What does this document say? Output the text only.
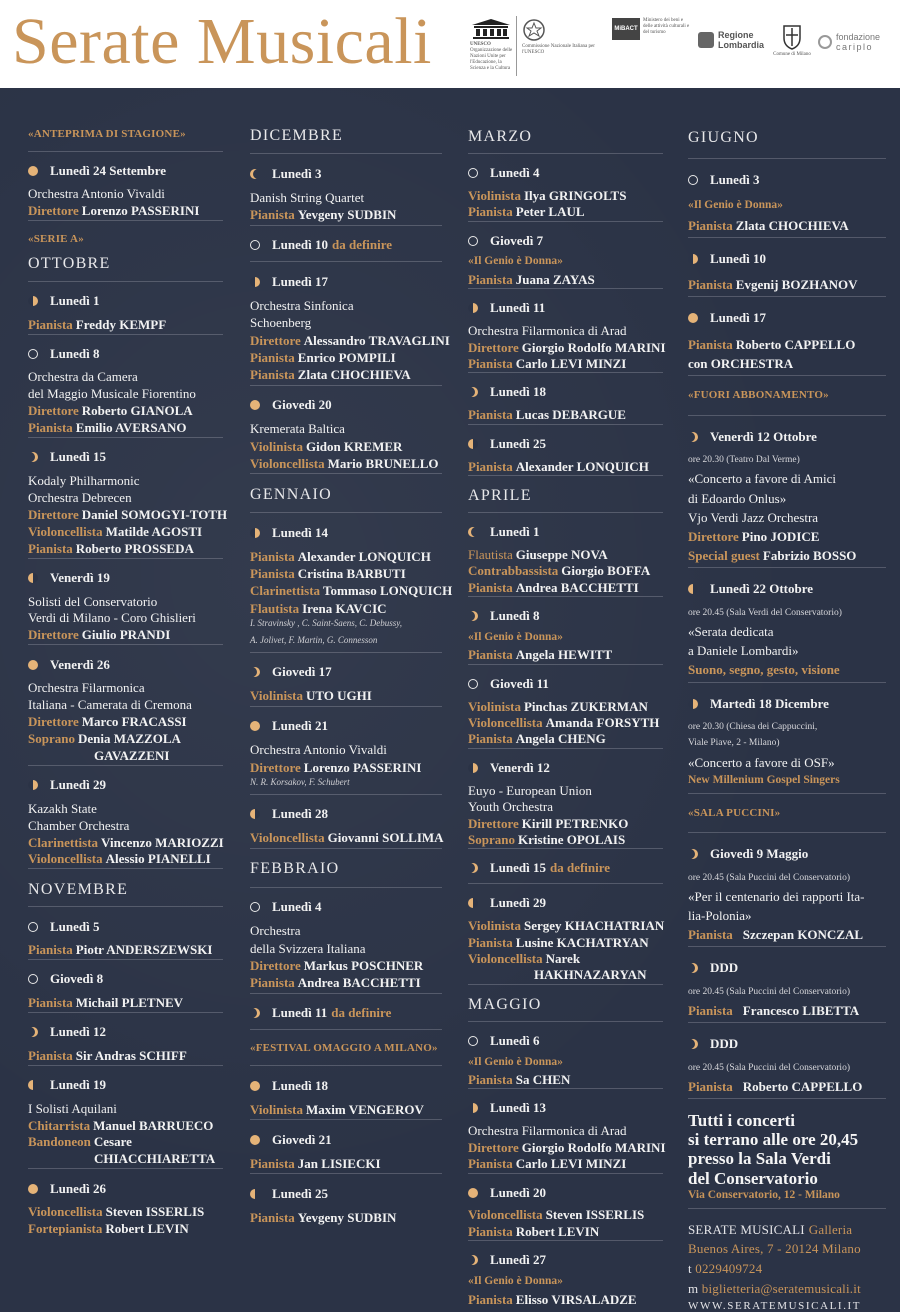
Serate Musicali	UNESCO
Organizzazione delle Nazioni Unite per l'Educazione, la Scienza e la Cultura
Commissione Nazionale Italiana per l'UNESCO
MiBACT
Ministero dei beni e delle attività culturali e del turismo	Regione Lombardia
Comune di Milano
fondazione
cariplo
«ANTEPRIMA DI STAGIONE»
Lunedì 24 Settembre
Orchestra Antonio Vivaldi
Direttore Lorenzo PASSERINI
«SERIE A»
OTTOBRE
Lunedì 1
Pianista Freddy KEMPF
Lunedì 8
Orchestra da Camera
del Maggio Musicale Fiorentino
Direttore Roberto GIANOLA
Pianista Emilio AVERSANO
Lunedì 15
Kodaly Philharmonic
Orchestra Debrecen
Direttore Daniel SOMOGYI-TOTH
Violoncellista Matilde AGOSTI
Pianista Roberto PROSSEDA
Venerdì 19
Solisti del Conservatorio
Verdi di Milano - Coro Ghislieri
Direttore Giulio PRANDI
Venerdì 26
Orchestra Filarmonica
Italiana - Camerata di Cremona
Direttore Marco FRACASSI
Soprano Denia MAZZOLA
GAVAZZENI
Lunedì 29
Kazakh State
Chamber Orchestra
Clarinettista Vincenzo MARIOZZI
Violoncellista Alessio PIANELLI
NOVEMBRE
Lunedì 5
Pianista Piotr ANDERSZEWSKI
Giovedì 8
Pianista Michail PLETNEV
Lunedì 12
Pianista Sir Andras SCHIFF
Lunedì 19
I Solisti Aquilani
Chitarrista Manuel BARRUECO
Bandoneon Cesare
CHIACCHIARETTA
Lunedì 26
Violoncellista Steven ISSERLIS
Fortepianista Robert LEVIN
DICEMBRE
Lunedì 3
Danish String Quartet
Pianista Yevgeny SUDBIN
Lunedì 10 da definire
Lunedì 17
Orchestra Sinfonica
Schoenberg
Direttore Alessandro TRAVAGLINI
Pianista Enrico POMPILI
Pianista Zlata CHOCHIEVA
Giovedì 20
Kremerata Baltica
Violinista Gidon KREMER
Violoncellista Mario BRUNELLO
GENNAIO
Lunedì 14
Pianista Alexander LONQUICH
Pianista Cristina BARBUTI
Clarinettista Tommaso LONQUICH
Flautista Irena KAVCIC
I. Stravinsky , C. Saint-Saens, C. Debussy,
A. Jolivet, F. Martin, G. Connesson
Giovedì 17
Violinista UTO UGHI
Lunedì 21
Orchestra Antonio Vivaldi
Direttore Lorenzo PASSERINI
N. R. Korsakov, F. Schubert
Lunedì 28
Violoncellista Giovanni SOLLIMA
FEBBRAIO
Lunedì 4
Orchestra
della Svizzera Italiana
Direttore Markus POSCHNER
Pianista Andrea BACCHETTI
Lunedì 11 da definire
«FESTIVAL OMAGGIO A MILANO»
Lunedì 18
Violinista Maxim VENGEROV
Giovedì 21
Pianista Jan LISIECKI
Lunedì 25
Pianista Yevgeny SUDBIN
MARZO
Lunedì 4
Violinista Ilya GRINGOLTS
Pianista Peter LAUL
Giovedì 7
«Il Genio è Donna»
Pianista Juana ZAYAS
Lunedì 11
Orchestra Filarmonica di Arad
Direttore Giorgio Rodolfo MARINI
Pianista Carlo LEVI MINZI
Lunedì 18
Pianista Lucas DEBARGUE
Lunedì 25
Pianista Alexander LONQUICH
APRILE
Lunedì 1
Flautista Giuseppe NOVA
Contrabbassista Giorgio BOFFA
Pianista Andrea BACCHETTI
Lunedì 8
«Il Genio è Donna»
Pianista Angela HEWITT
Giovedì 11
Violinista Pinchas ZUKERMAN
Violoncellista Amanda FORSYTH
Pianista Angela CHENG
Venerdì 12
Euyo - European Union
Youth Orchestra
Direttore Kirill PETRENKO
Soprano Kristine OPOLAIS
Lunedì 15 da definire
Lunedì 29
Violinista Sergey KHACHATRIAN
Pianista Lusine KACHATRYAN
Violoncellista Narek
HAKHNAZARYAN
MAGGIO
Lunedì 6
«Il Genio è Donna»
Pianista Sa CHEN
Lunedì 13
Orchestra Filarmonica di Arad
Direttore Giorgio Rodolfo MARINI
Pianista Carlo LEVI MINZI
Lunedì 20
Violoncellista Steven ISSERLIS
Pianista Robert LEVIN
Lunedì 27
«Il Genio è Donna»
Pianista Elisso VIRSALADZE
GIUGNO
Lunedì 3
«Il Genio è Donna»
Pianista Zlata CHOCHIEVA
Lunedì 10
Pianista Evgenij BOZHANOV
Lunedì 17
Pianista Roberto CAPPELLO
con ORCHESTRA
«FUORI ABBONAMENTO»
Venerdì 12 Ottobre
ore 20.30 (Teatro Dal Verme)
«Concerto a favore di Amici
di Edoardo Onlus»
Vjo Verdi Jazz Orchestra
Direttore Pino JODICE
Special guest Fabrizio BOSSO
Lunedì 22 Ottobre
ore 20.45 (Sala Verdi del Conservatorio)
«Serata dedicata
a Daniele Lombardi»
Suono, segno, gesto, visione
Martedì 18 Dicembre
ore 20.30 (Chiesa dei Cappuccini,
Viale Piave, 2 - Milano)
«Concerto a favore di OSF»
New Millenium Gospel Singers
«SALA PUCCINI»
Giovedì 9 Maggio
ore 20.45 (Sala Puccini del Conservatorio)
«Per il centenario dei rapporti Ita-
lia-Polonia»
Pianista Szczepan KONCZAL
DDD
ore 20.45 (Sala Puccini del Conservatorio)
Pianista Francesco LIBETTA
DDD
ore 20.45 (Sala Puccini del Conservatorio)
Pianista Roberto CAPPELLO
Tutti i concerti
si terrano alle ore 20,45
presso la Sala Verdi
del Conservatorio
Via Conservatorio, 12 - Milano
SERATE MUSICALI Galleria
Buenos Aires, 7 - 20124 Milano
t 0229409724
m biglietteria@seratemusicali.it
WWW.SERATEMUSICALI.IT
